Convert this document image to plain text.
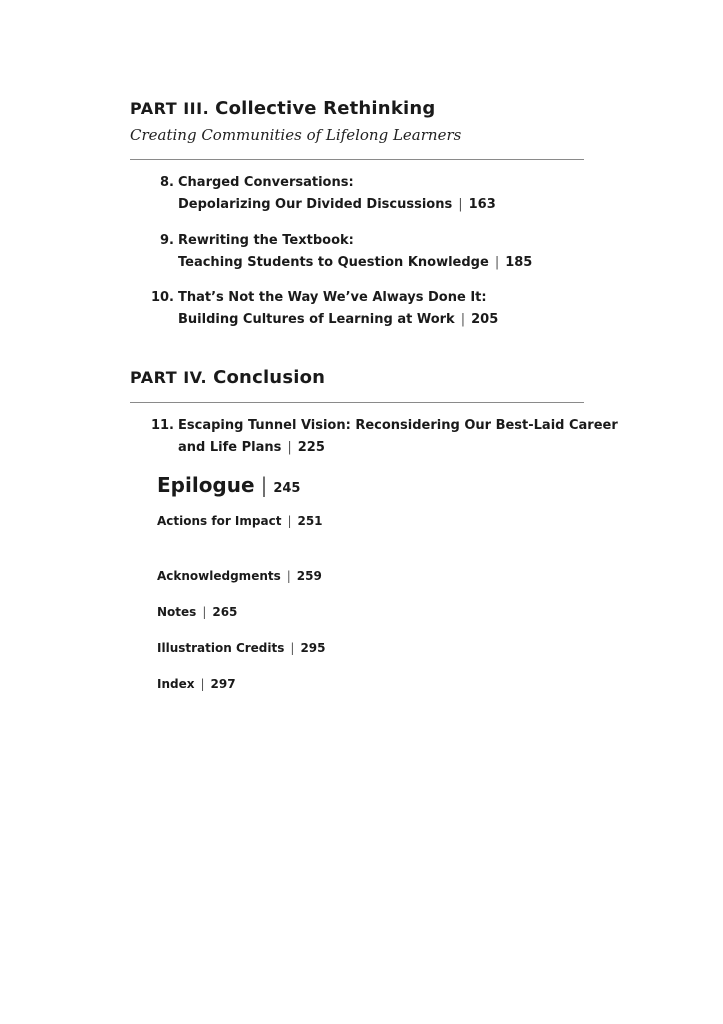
PART III. Collective Rethinking
Creating Communities of Lifelong Learners
8. Charged Conversations:
Depolarizing Our Divided Discussions | 163
9. Rewriting the Textbook:
Teaching Students to Question Knowledge | 185
10. That’s Not the Way We’ve Always Done It:
Building Cultures of Learning at Work | 205
PART IV. Conclusion
11. Escaping Tunnel Vision: Reconsidering Our Best-Laid Career
and Life Plans | 225
Epilogue | 245
Actions for Impact | 251
Acknowledgments | 259
Notes | 265
Illustration Credits | 295
Index | 297
